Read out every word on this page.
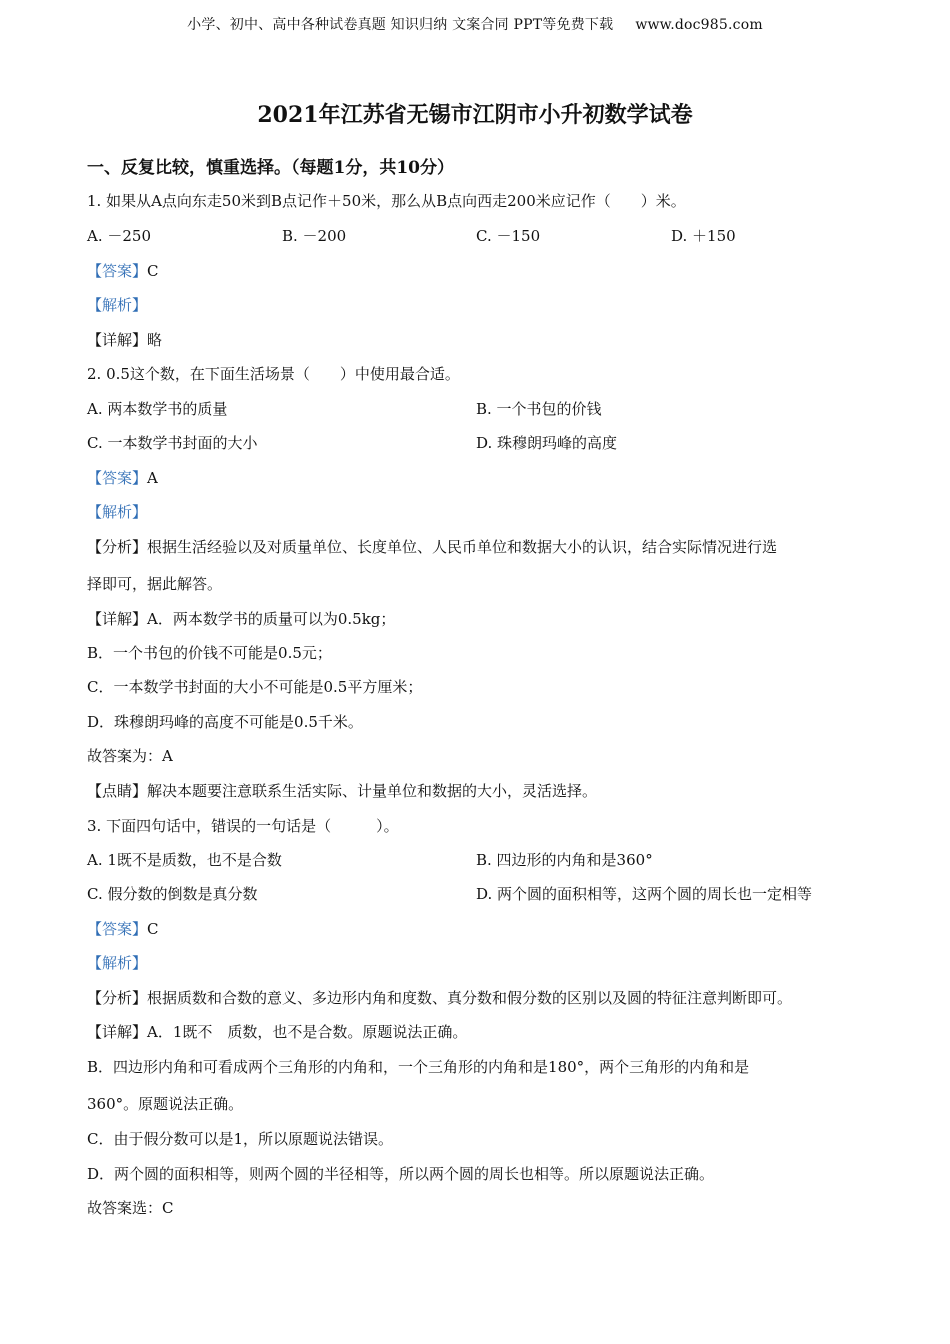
小学、初中、高中各种试卷真题 知识归纳 文案合同 PPT等免费下载 www.doc985.com
2021年江苏省无锡市江阴市小升初数学试卷
一、反复比较，慎重选择。（每题1分，共10分）
1. 如果从A点向东走50米到B点记作＋50米，那么从B点向西走200米应记作（　　）米。
A. －250	B. －200	C. －150	D. ＋150
【答案】C
【解析】
【详解】略
2. 0.5这个数，在下面生活场景（　　）中使用最合适。
A. 两本数学书的质量	B. 一个书包的价钱
C. 一本数学书封面的大小	D. 珠穆朗玛峰的高度
【答案】A
【解析】
【分析】根据生活经验以及对质量单位、长度单位、人民币单位和数据大小的认识，结合实际情况进行选
择即可，据此解答。
【详解】A．两本数学书的质量可以为0.5kg；
B．一个书包的价钱不可能是0.5元；
C．一本数学书封面的大小不可能是0.5平方厘米；
D．珠穆朗玛峰的高度不可能是0.5千米。
故答案为：A
【点睛】解决本题要注意联系生活实际、计量单位和数据的大小，灵活选择。
3. 下面四句话中，错误的一句话是（　　　）。
A. 1既不是质数，也不是合数	B. 四边形的内角和是360°
C. 假分数的倒数是真分数	D. 两个圆的面积相等，这两个圆的周长也一定相等
【答案】C
【解析】
【分析】根据质数和合数的意义、多边形内角和度数、真分数和假分数的区别以及圆的特征注意判断即可。
【详解】A．1既不　质数，也不是合数。原题说法正确。
B．四边形内角和可看成两个三角形的内角和，一个三角形的内角和是180°，两个三角形的内角和是
360°。原题说法正确。
C．由于假分数可以是1，所以原题说法错误。
D．两个圆的面积相等，则两个圆的半径相等，所以两个圆的周长也相等。所以原题说法正确。
故答案选：C
